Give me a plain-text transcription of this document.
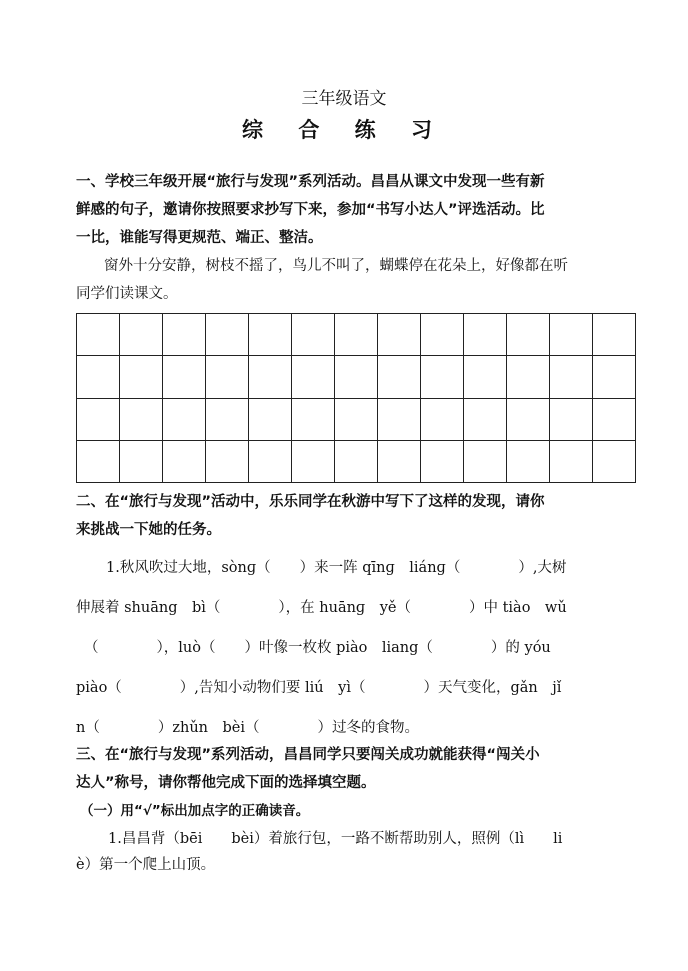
三年级语文
综 合 练 习
一、学校三年级开展“旅行与发现”系列活动。昌昌从课文中发现一些有新
鲜感的句子，邀请你按照要求抄写下来，参加“书写小达人”评选活动。比
一比，谁能写得更规范、端正、整洁。
窗外十分安静，树枝不摇了，鸟儿不叫了，蝴蝶停在花朵上，好像都在听
同学们读课文。

二、在“旅行与发现”活动中，乐乐同学在秋游中写下了这样的发现，请你
来挑战一下她的任务。
1.秋风吹过大地，sònɡ（　　）来一阵 qīnɡ　liánɡ（　　　　）,大树
伸展着 shuāng　bì（　　　　），在 huānɡ　yě（　　　　）中 tiào　wǔ
（　　　　），luò（　　）叶像一枚枚 piào　liang（　　　　）的 yóu
piào（　　　　）,告知小动物们要 liú　yì（　　　　）天气变化，gǎn　jǐ
n（　　　　）zhǔn　bèi（　　　　）过冬的食物。
三、在“旅行与发现”系列活动，昌昌同学只要闯关成功就能获得“闯关小
达人”称号，请你帮他完成下面的选择填空题。
（一）用“√”标出加点字的正确读音。
1.昌昌背（bēi　　bèi）着旅行包，一路不断帮助别人，照例（lì　　li
è）第一个爬上山顶。
